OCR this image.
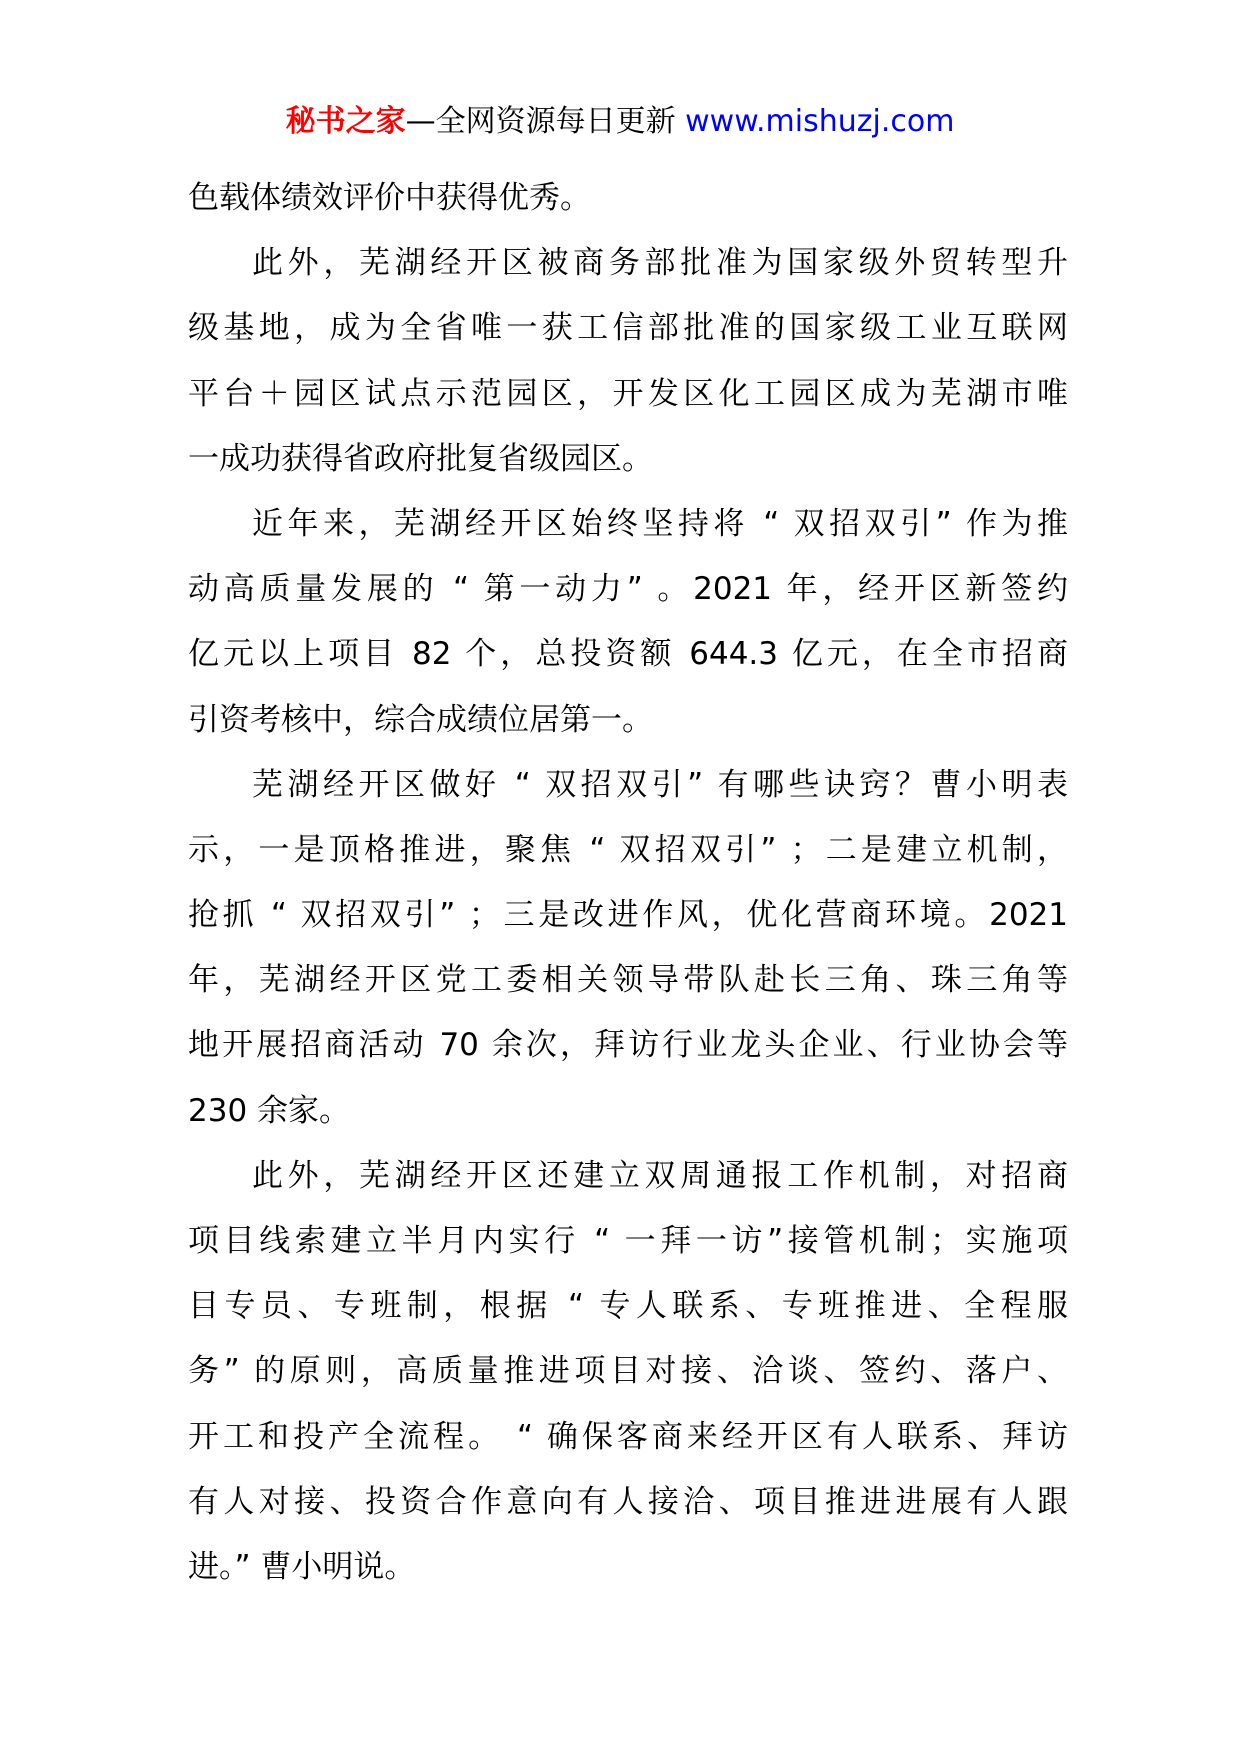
秘书之家—全网资源每日更新 www.mishuzj.com
色载体绩效评价中获得优秀。
此外，芜湖经开区被商务部批准为国家级外贸转型升
级基地，成为全省唯一获工信部批准的国家级工业互联网
平台＋园区试点示范园区，开发区化工园区成为芜湖市唯
一成功获得省政府批复省级园区。
近年来，芜湖经开区始终坚持将 “ 双招双引” 作为推
动高质量发展的 “ 第一动力” 。2021 年，经开区新签约
亿元以上项目 82 个，总投资额 644.3 亿元，在全市招商
引资考核中，综合成绩位居第一。
芜湖经开区做好 “ 双招双引” 有哪些诀窍？曹小明表
示，一是顶格推进，聚焦 “ 双招双引” ；二是建立机制，
抢抓 “ 双招双引” ；三是改进作风，优化营商环境。2021
年，芜湖经开区党工委相关领导带队赴长三角、珠三角等
地开展招商活动 70 余次，拜访行业龙头企业、行业协会等
230 余家。
此外，芜湖经开区还建立双周通报工作机制，对招商
项目线索建立半月内实行 “ 一拜一访”接管机制；实施项
目专员、专班制，根据 “ 专人联系、专班推进、全程服
务” 的原则，高质量推进项目对接、洽谈、签约、落户、
开工和投产全流程。 “ 确保客商来经开区有人联系、拜访
有人对接、投资合作意向有人接洽、项目推进进展有人跟
进。” 曹小明说。
